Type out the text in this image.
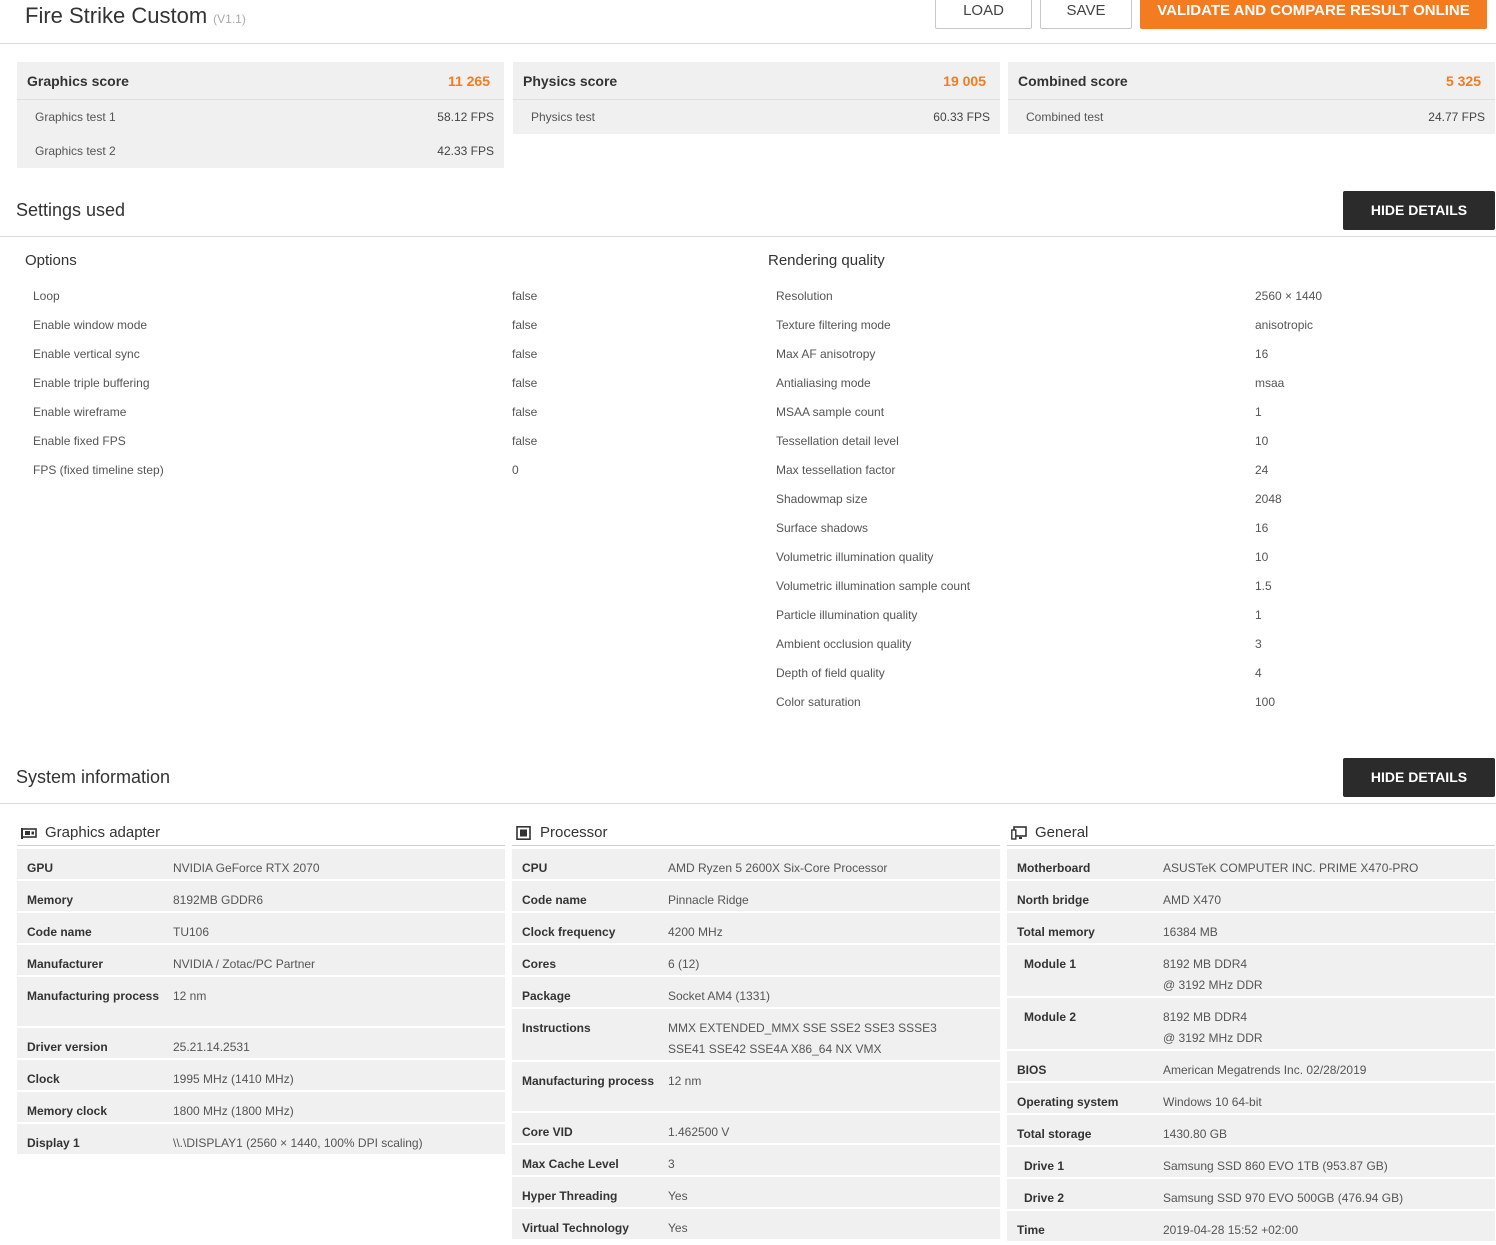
Fire Strike Custom (V1.1)	LOAD	SAVE	VALIDATE AND COMPARE RESULT ONLINE
Graphics score	11 265
Graphics test 1	58.12 FPS
Graphics test 2	42.33 FPS
Physics score	19 005
Physics test	60.33 FPS
Combined score	5 325
Combined test	24.77 FPS
Settings used	HIDE DETAILS
Options
Loop	false
Enable window mode	false
Enable vertical sync	false
Enable triple buffering	false
Enable wireframe	false
Enable fixed FPS	false
FPS (fixed timeline step)	0
Rendering quality
Resolution	2560 × 1440
Texture filtering mode	anisotropic
Max AF anisotropy	16
Antialiasing mode	msaa
MSAA sample count	1
Tessellation detail level	10
Max tessellation factor	24
Shadowmap size	2048
Surface shadows	16
Volumetric illumination quality	10
Volumetric illumination sample count	1.5
Particle illumination quality	1
Ambient occlusion quality	3
Depth of field quality	4
Color saturation	100
System information	HIDE DETAILS
Graphics adapter
GPU	NVIDIA GeForce RTX 2070
Memory	8192MB GDDR6
Code name	TU106
Manufacturer	NVIDIA / Zotac/PC Partner
Manufacturing process	12 nm
Driver version	25.21.14.2531
Clock	1995 MHz (1410 MHz)
Memory clock	1800 MHz (1800 MHz)
Display 1	\\.\DISPLAY1 (2560 × 1440, 100% DPI scaling)
Processor
CPU	AMD Ryzen 5 2600X Six-Core Processor
Code name	Pinnacle Ridge
Clock frequency	4200 MHz
Cores	6 (12)
Package	Socket AM4 (1331)
Instructions	MMX EXTENDED_MMX SSE SSE2 SSE3 SSSE3 SSE41 SSE42 SSE4A X86_64 NX VMX
Manufacturing process	12 nm
Core VID	1.462500 V
Max Cache Level	3
Hyper Threading	Yes
Virtual Technology	Yes
General
Motherboard	ASUSTeK COMPUTER INC. PRIME X470-PRO
North bridge	AMD X470
Total memory	16384 MB
Module 1	8192 MB DDR4
@ 3192 MHz DDR
Module 2	8192 MB DDR4
@ 3192 MHz DDR
BIOS	American Megatrends Inc. 02/28/2019
Operating system	Windows 10 64-bit
Total storage	1430.80 GB
Drive 1	Samsung SSD 860 EVO 1TB (953.87 GB)
Drive 2	Samsung SSD 970 EVO 500GB (476.94 GB)
Time	2019-04-28 15:52 +02:00
